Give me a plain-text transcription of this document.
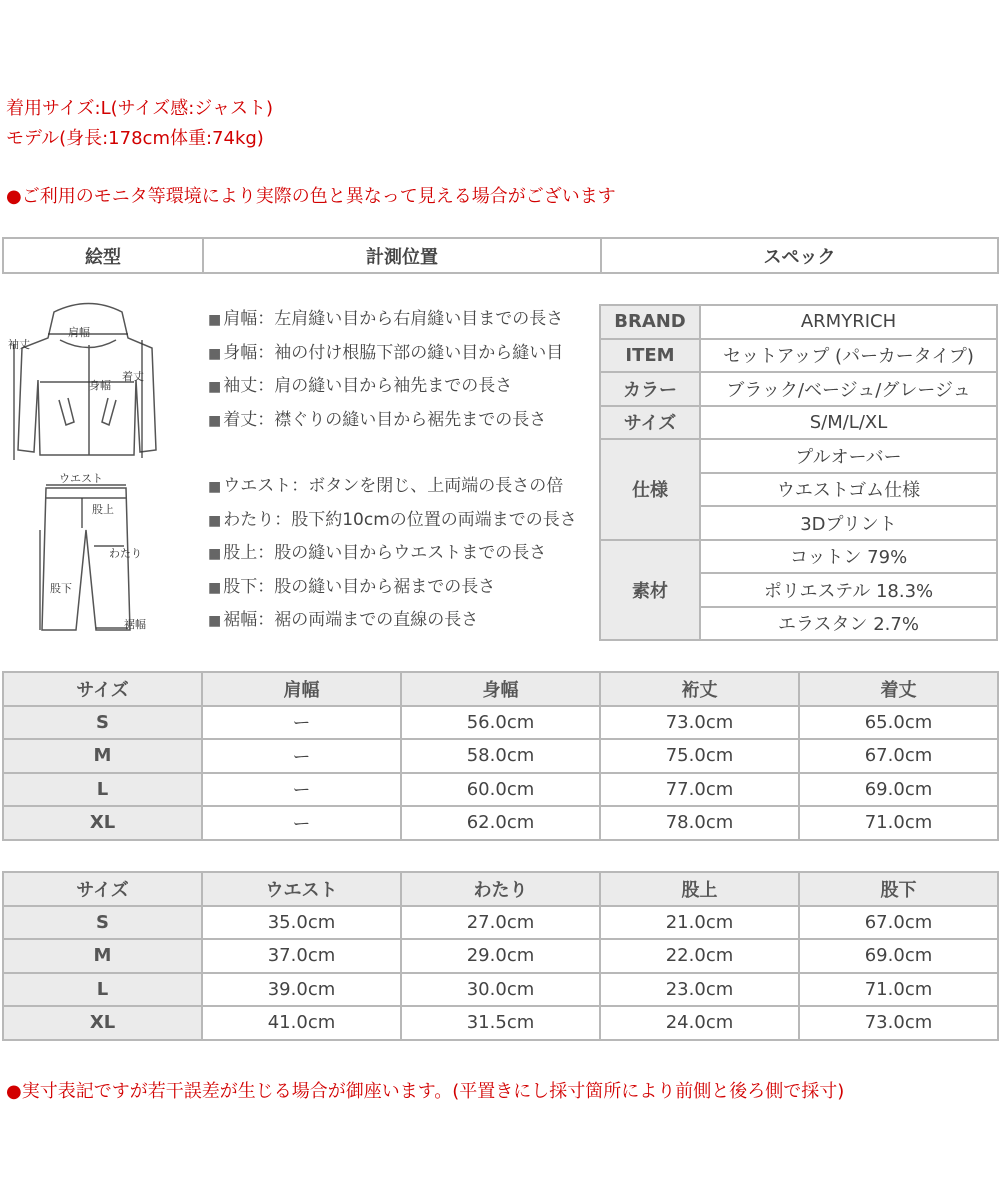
着用サイズ:L(サイズ感:ジャスト)
モデル(身長:178cm体重:74kg)
●ご利用のモニタ等環境により実際の色と異なって見える場合がございます
絵型	計測位置	スペック
肩幅
身幅
袖丈
着丈
ウエスト
股上
わたり
股下
裾幅
■ 肩幅：左肩縫い目から右肩縫い目までの長さ
■ 身幅：袖の付け根脇下部の縫い目から縫い目
■ 袖丈：肩の縫い目から袖先までの長さ
■ 着丈：襟ぐりの縫い目から裾先までの長さ
■ ウエスト：ボタンを閉じ、上両端の長さの倍
■ わたり：股下約10cmの位置の両端までの長さ
■ 股上：股の縫い目からウエストまでの長さ
■ 股下：股の縫い目から裾までの長さ
■ 裾幅：裾の両端までの直線の長さ
BRAND	ARMYRICH
ITEM	セットアップ (パーカータイプ)
カラー	ブラック/ベージュ/グレージュ
サイズ	S/M/L/XL
仕様	プルオーバー
	ウエストゴム仕様
	3Dプリント
素材	コットン 79%
	ポリエステル 18.3%
	エラスタン 2.7%
サイズ	肩幅	身幅	裄丈	着丈
S	ー	56.0cm	73.0cm	65.0cm
M	ー	58.0cm	75.0cm	67.0cm
L	ー	60.0cm	77.0cm	69.0cm
XL	ー	62.0cm	78.0cm	71.0cm
サイズ	ウエスト	わたり	股上	股下
S	35.0cm	27.0cm	21.0cm	67.0cm
M	37.0cm	29.0cm	22.0cm	69.0cm
L	39.0cm	30.0cm	23.0cm	71.0cm
XL	41.0cm	31.5cm	24.0cm	73.0cm
●実寸表記ですが若干誤差が生じる場合が御座います。(平置きにし採寸箇所により前側と後ろ側で採寸)
